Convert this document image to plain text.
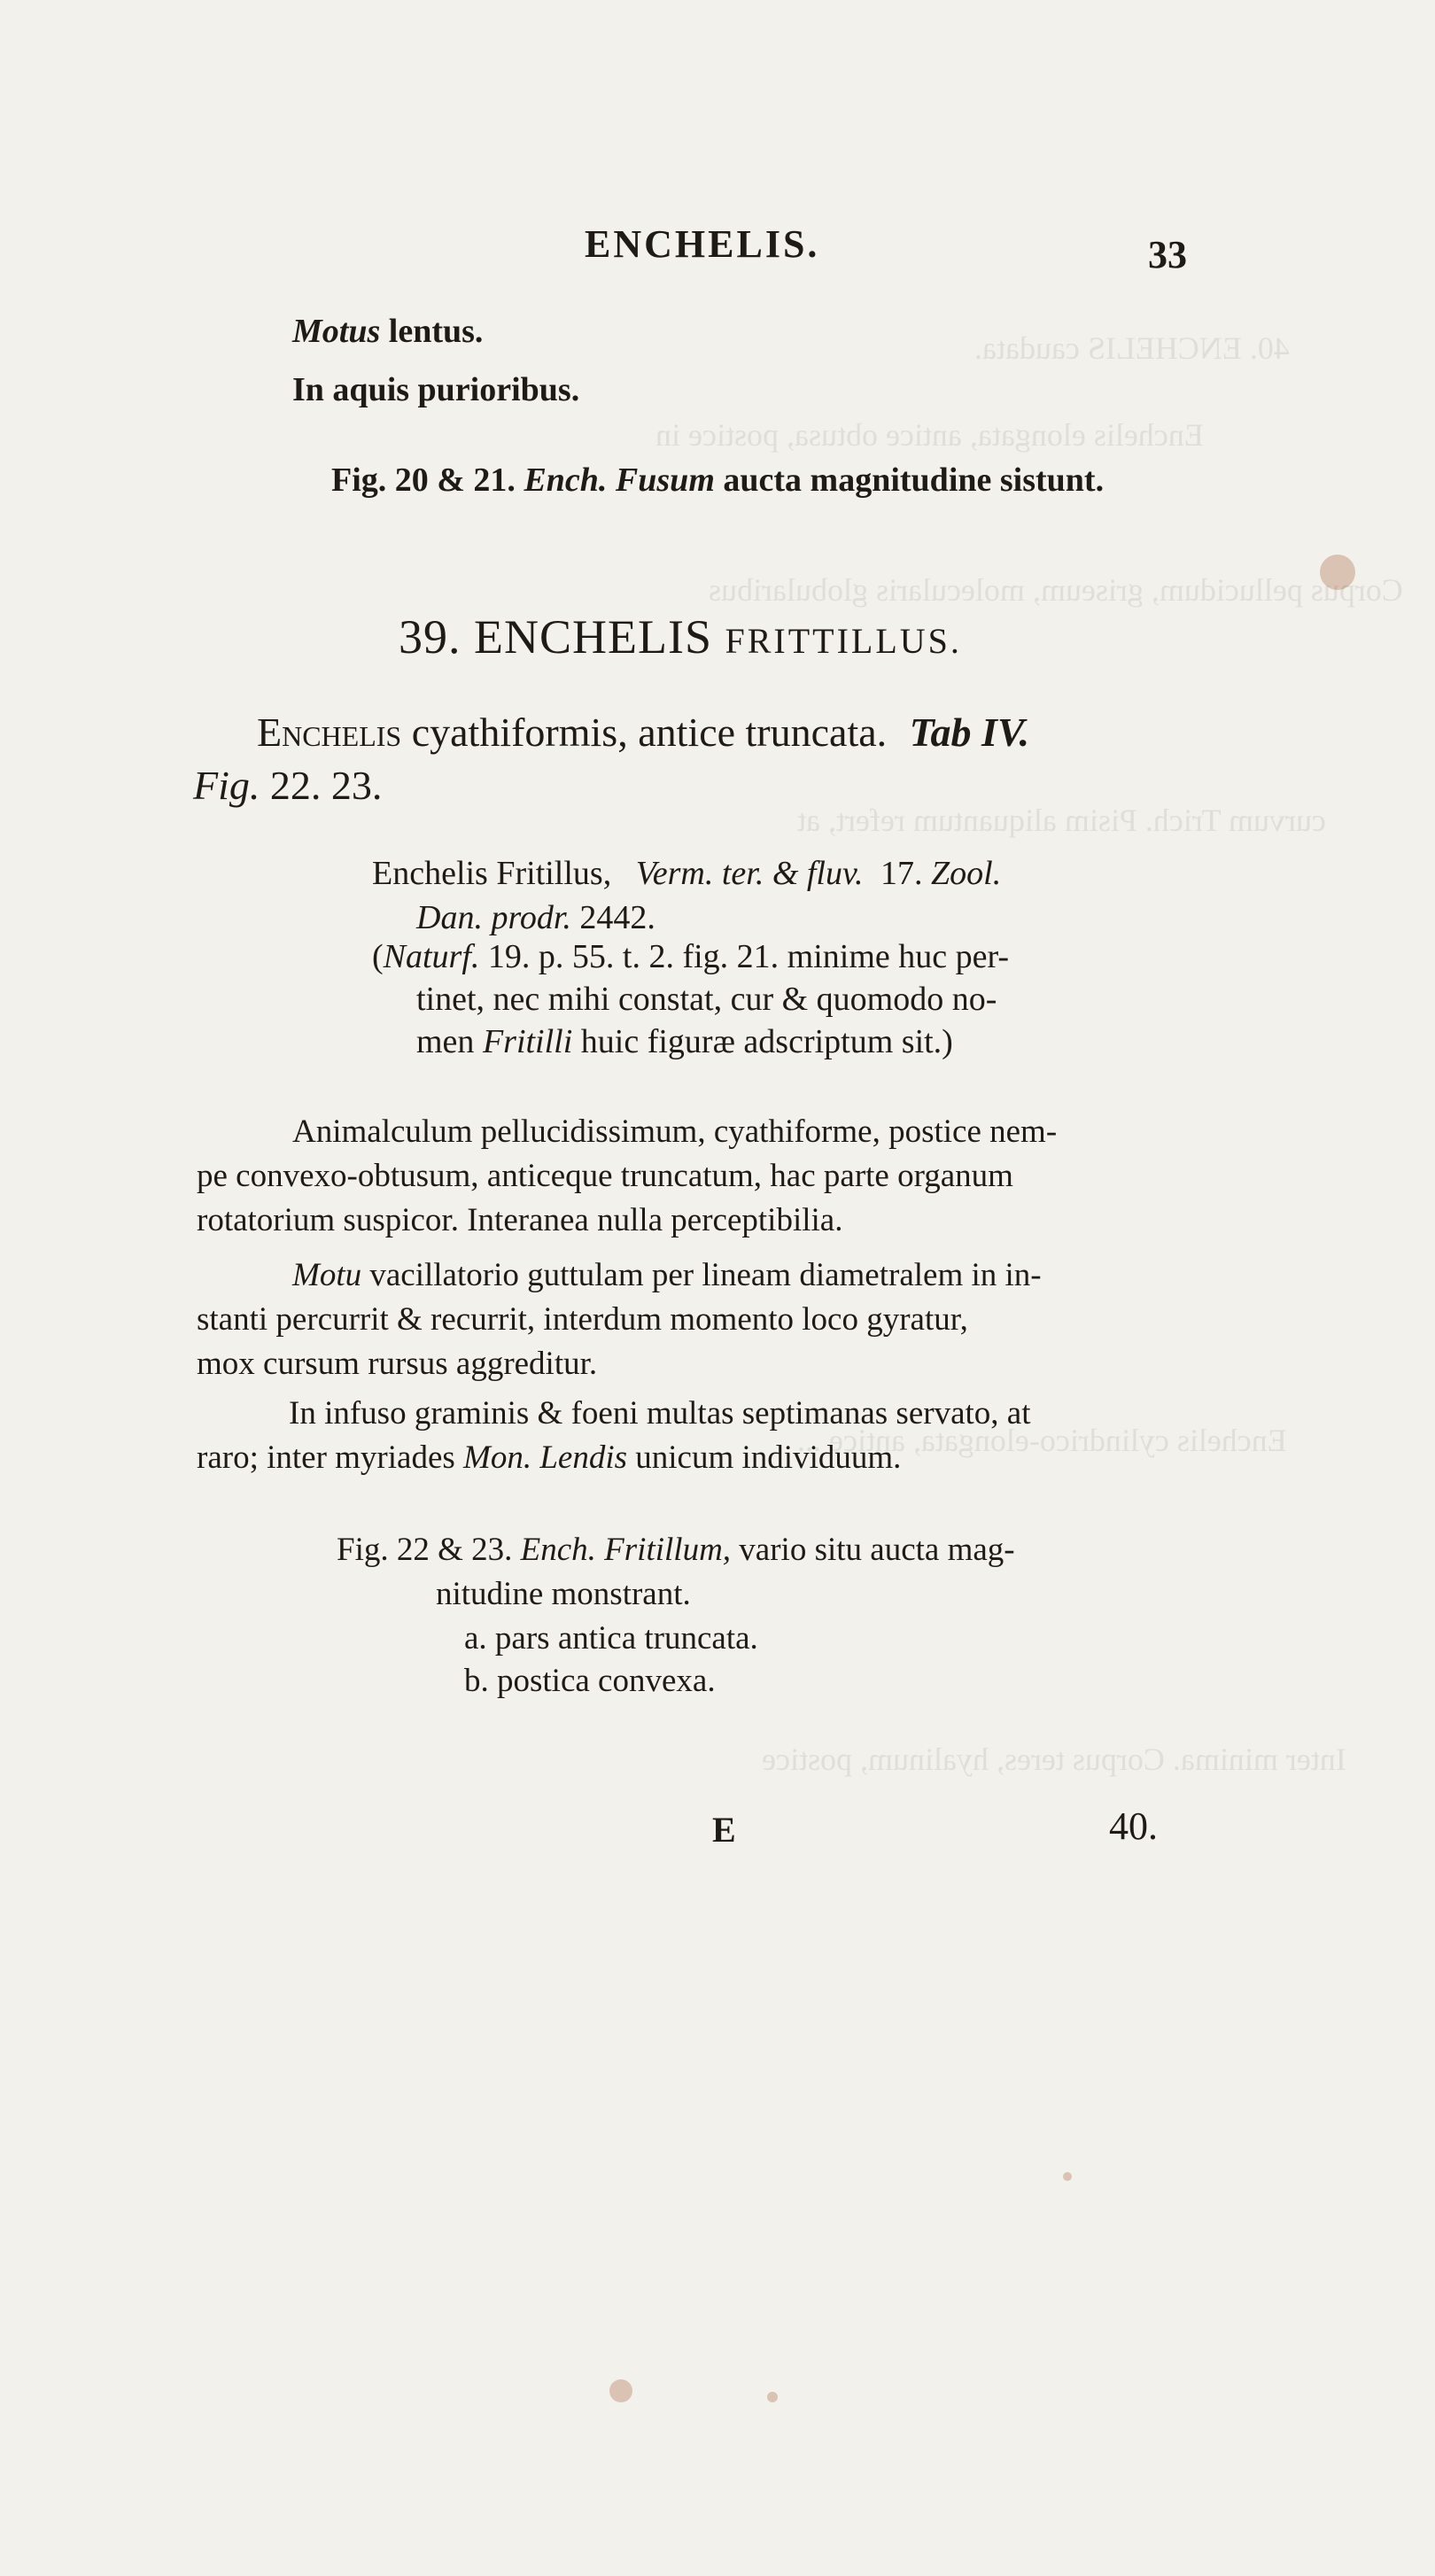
40. ENCHELIS caudata.
Enchelis elongata, antice obtusa, postice in
Corpus pellucidum, griseum, molecularis globularibus
curvum Trich. Pisim aliquantum refert, at
Enchelis cylindrico-elongata, antice ...
Inter minima. Corpus teres, hyalinum, postice
ENCHELIS.	33
Motus lentus.
In aquis purioribus.
Fig. 20 & 21. Ench. Fusum aucta magnitudine sistunt.
39. ENCHELIS FRITTILLUS.
Enchelis cyathiformis, antice truncata. Tab IV.
Fig. 22. 23.
Enchelis Fritillus, Verm. ter. & fluv. 17. Zool.
Dan. prodr. 2442.
(Naturf. 19. p. 55. t. 2. fig. 21. minime huc per-
tinet, nec mihi constat, cur & quomodo no-
men Fritilli huic figuræ adscriptum sit.)
Animalculum pellucidissimum, cyathiforme, postice nem-
pe convexo-obtusum, anticeque truncatum, hac parte organum
rotatorium suspicor. Interanea nulla perceptibilia.
Motu vacillatorio guttulam per lineam diametralem in in-
stanti percurrit & recurrit, interdum momento loco gyratur,
mox cursum rursus aggreditur.
In infuso graminis & foeni multas septimanas servato, at
raro; inter myriades Mon. Lendis unicum individuum.
Fig. 22 & 23. Ench. Fritillum, vario situ aucta mag-
nitudine monstrant.
a. pars antica truncata.
b. postica convexa.
E	40.
